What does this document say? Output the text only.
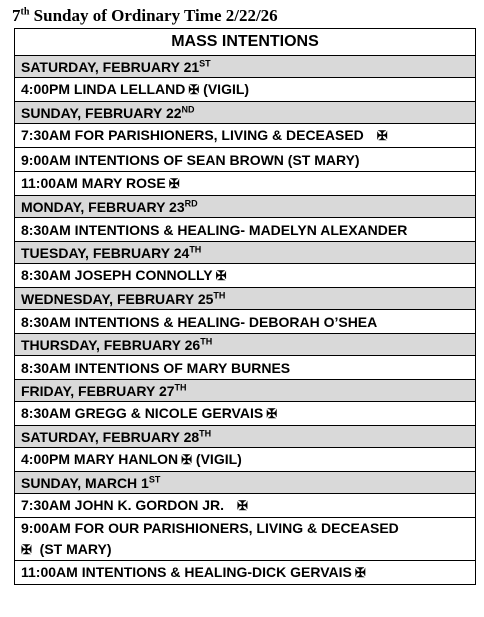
7th Sunday of Ordinary Time 2/22/26
MASS INTENTIONS
SATURDAY, FEBRUARY 21ST
4:00PM LINDA LELLAND ✠ (VIGIL)
SUNDAY, FEBRUARY 22ND
7:30AM FOR PARISHIONERS, LIVING & DECEASED ✠
9:00AM INTENTIONS OF SEAN BROWN (ST MARY)
11:00AM MARY ROSE ✠
MONDAY, FEBRUARY 23RD
8:30AM INTENTIONS & HEALING- MADELYN ALEXANDER
TUESDAY, FEBRUARY 24TH
8:30AM JOSEPH CONNOLLY ✠
WEDNESDAY, FEBRUARY 25TH
8:30AM INTENTIONS & HEALING- DEBORAH O’SHEA
THURSDAY, FEBRUARY 26TH
8:30AM INTENTIONS OF MARY BURNES
FRIDAY, FEBRUARY 27TH
8:30AM GREGG & NICOLE GERVAIS ✠
SATURDAY, FEBRUARY 28TH
4:00PM MARY HANLON ✠ (VIGIL)
SUNDAY, MARCH 1ST
7:30AM JOHN K. GORDON JR. ✠
9:00AM FOR OUR PARISHIONERS, LIVING & DECEASED
✠  (ST MARY)
11:00AM INTENTIONS & HEALING-DICK GERVAIS ✠
